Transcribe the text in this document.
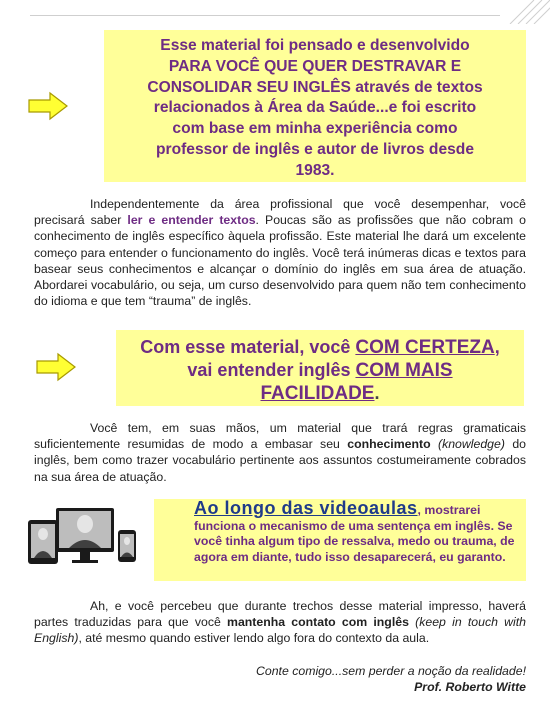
Esse material foi pensado e desenvolvido
PARA VOCÊ QUE QUER DESTRAVAR E
CONSOLIDAR SEU INGLÊS através de textos
relacionados à Área da Saúde...e foi escrito
com base em minha experiência como
professor de inglês e autor de livros desde
1983.
Independentemente da área profissional que você desempenhar, você precisará saber ler e entender textos. Poucas são as profissões que não cobram o conhecimento de inglês específico àquela profissão. Este material lhe dará um excelente começo para entender o funcionamento do inglês. Você terá inúmeras dicas e textos para basear seus conhecimentos e alcançar o domínio do inglês em sua área de atuação. Abordarei vocabulário, ou seja, um curso desenvolvido para quem não tem conhecimento do idioma e que tem “trauma” de inglês.
Com esse material, você COM CERTEZA,
vai entender inglês COM MAIS
FACILIDADE.
Você tem, em suas mãos, um material que trará regras gramaticais suficientemente resumidas de modo a embasar seu conhecimento (knowledge) do inglês, bem como trazer vocabulário pertinente aos assuntos costumeiramente cobrados na sua área de atuação.
Ao longo das videoaulas, mostrarei funciona o mecanismo de uma sentença em inglês. Se você tinha algum tipo de ressalva, medo ou trauma, de agora em diante, tudo isso desaparecerá, eu garanto.
Ah, e você percebeu que durante trechos desse material impresso, haverá partes traduzidas para que você mantenha contato com inglês (keep in touch with English), até mesmo quando estiver lendo algo fora do contexto da aula.
Conte comigo...sem perder a noção da realidade!
Prof. Roberto Witte
